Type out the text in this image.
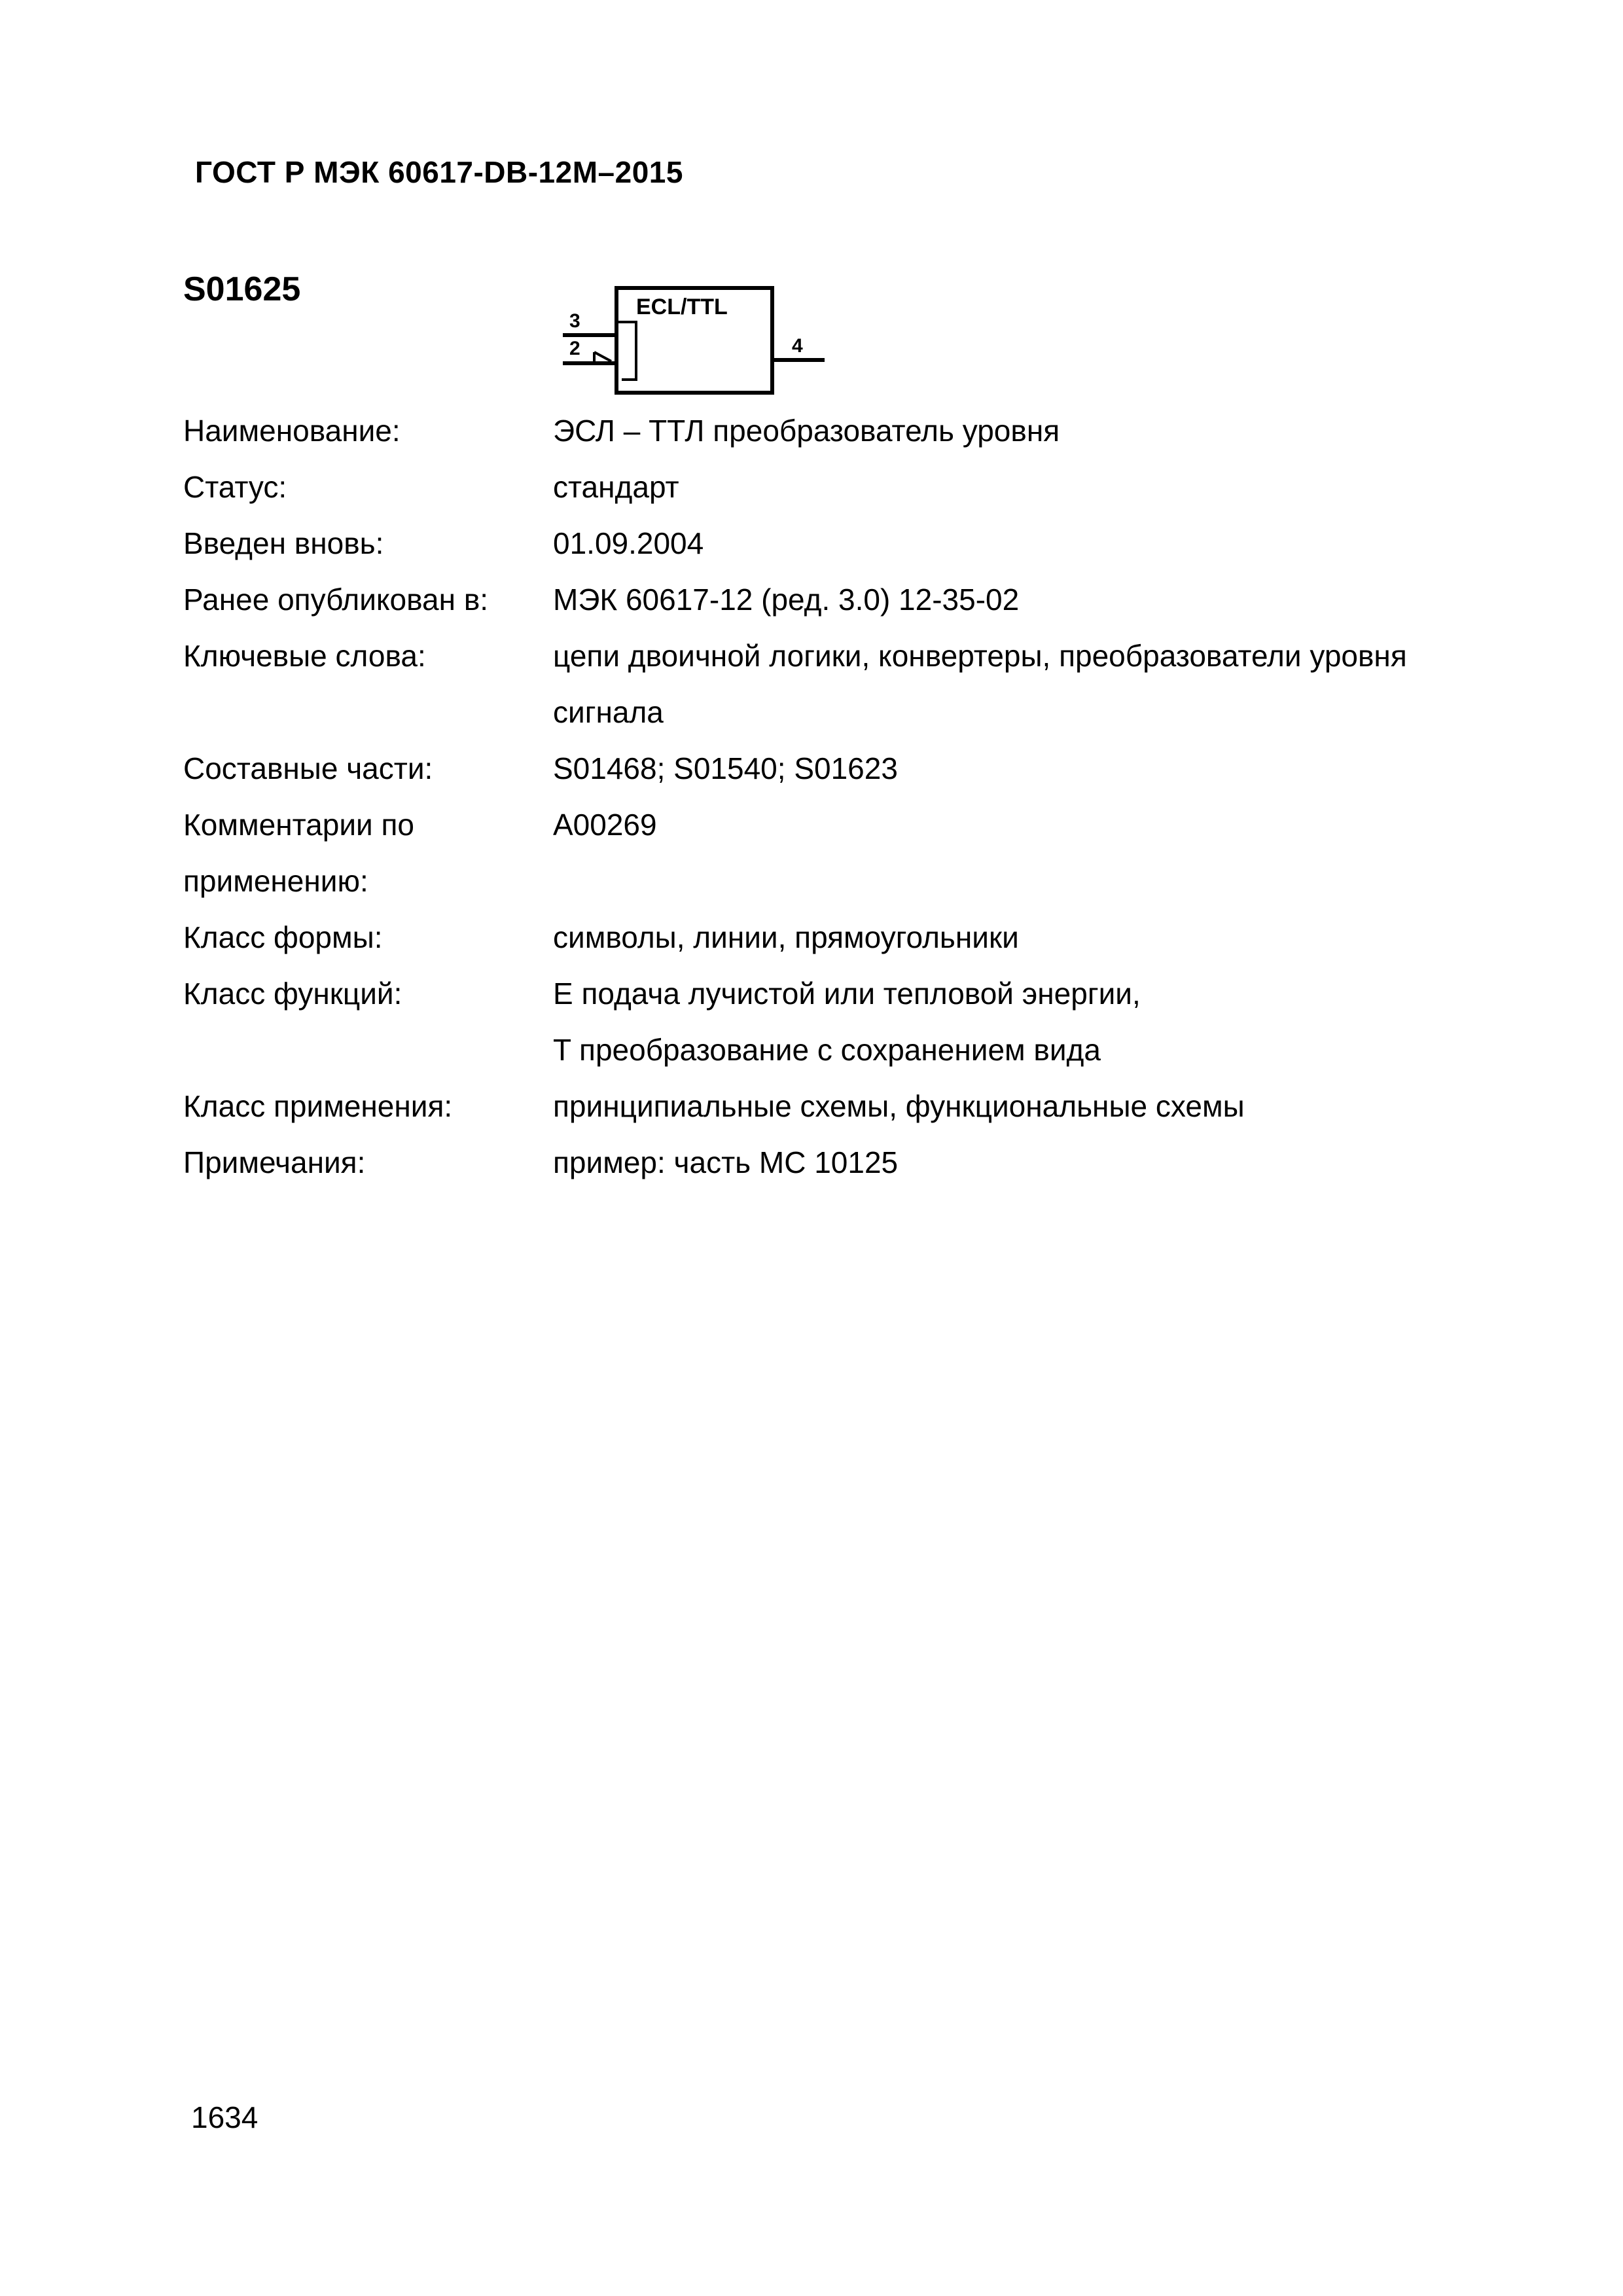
ГОСТ Р МЭК 60617-DB-12M–2015
S01625	ECL/TTL
3
2	4
Наименование:	ЭСЛ – ТТЛ преобразователь уровня
Статус:	стандарт
Введен вновь:	01.09.2004
Ранее опубликован в:	МЭК 60617-12 (ред. 3.0) 12-35-02
Ключевые слова:	цепи двоичной логики, конвертеры, преобразователи уровня сигнала
Составные части:	S01468; S01540; S01623
Комментарии по применению:	A00269
Класс формы:	символы, линии, прямоугольники
Класс функций:	E подача лучистой или тепловой энергии,
T преобразование с сохранением вида

Класс применения:	принципиальные схемы, функциональные схемы
Примечания:	пример: часть MC 10125
1634
